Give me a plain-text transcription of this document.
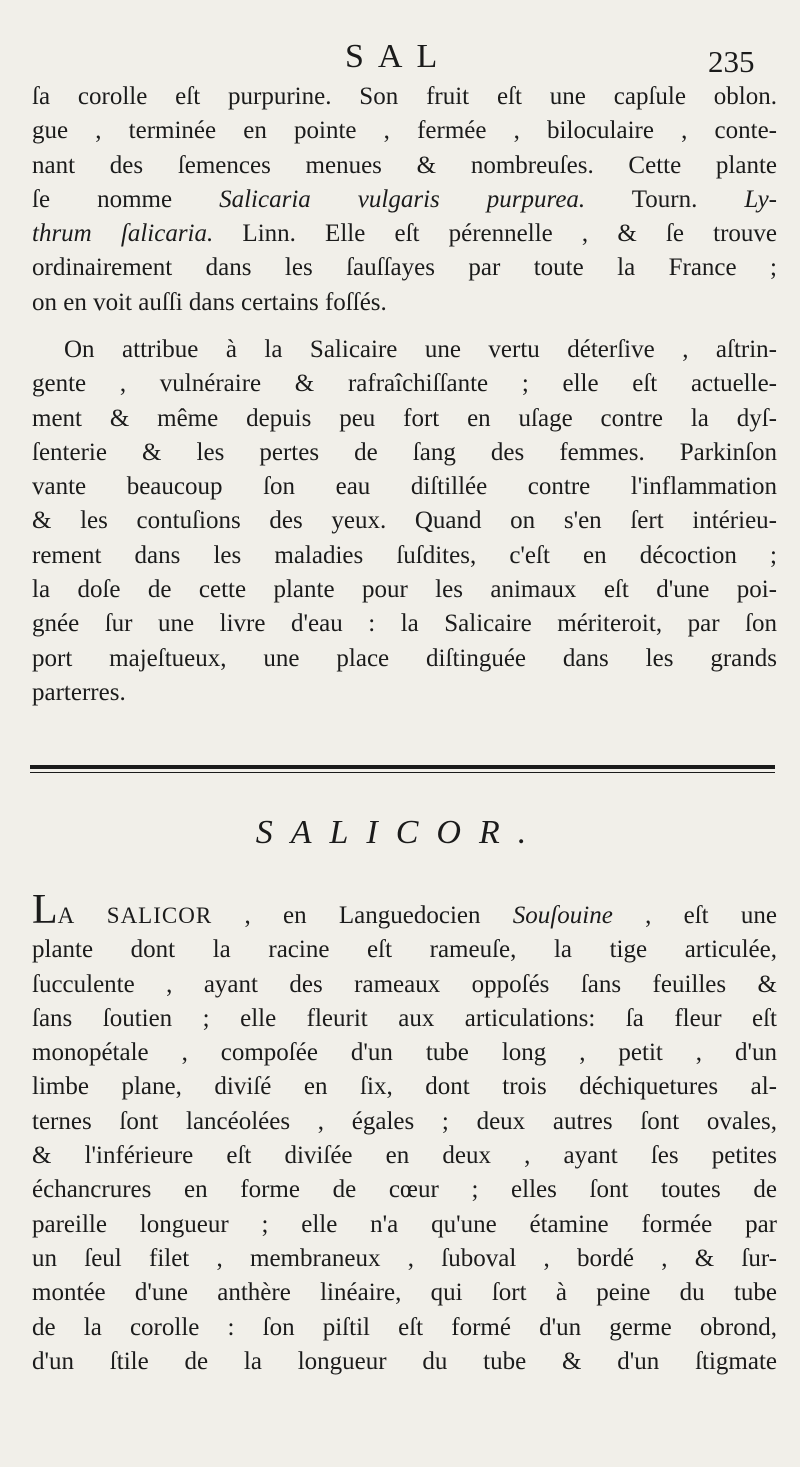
SAL	235
ſa corolle eſt purpurine. Son fruit eſt une capſule oblon.
gue , terminée en pointe , fermée , biloculaire , conte-
nant des ſemences menues & nombreuſes. Cette plante
ſe nomme Salicaria vulgaris purpurea. Tourn. Ly-
thrum ſalicaria. Linn. Elle eſt pérennelle , & ſe trouve
ordinairement dans les ſauſſayes par toute la France ;
on en voit auſſi dans certains foſſés.
On attribue à la Salicaire une vertu déterſive , aſtrin-
gente , vulnéraire & rafraîchiſſante ; elle eſt actuelle-
ment & même depuis peu fort en uſage contre la dyſ-
ſenterie & les pertes de ſang des femmes. Parkinſon
vante beaucoup ſon eau diſtillée contre l'inflammation
& les contuſions des yeux. Quand on s'en ſert intérieu-
rement dans les maladies ſuſdites, c'eſt en décoction ;
la doſe de cette plante pour les animaux eſt d'une poi-
gnée ſur une livre d'eau : la Salicaire mériteroit, par ſon
port majeſtueux, une place diſtinguée dans les grands
parterres.
SALICOR.
LA SALICOR , en Languedocien Souſouine , eſt une
plante dont la racine eſt rameuſe, la tige articulée,
ſucculente , ayant des rameaux oppoſés ſans feuilles &
ſans ſoutien ; elle fleurit aux articulations: ſa fleur eſt
monopétale , compoſée d'un tube long , petit , d'un
limbe plane, diviſé en ſix, dont trois déchiquetures al-
ternes ſont lancéolées , égales ; deux autres ſont ovales,
& l'inférieure eſt diviſée en deux , ayant ſes petites
échancrures en forme de cœur ; elles ſont toutes de
pareille longueur ; elle n'a qu'une étamine formée par
un ſeul filet , membraneux , ſuboval , bordé , & ſur-
montée d'une anthère linéaire, qui ſort à peine du tube
de la corolle : ſon piſtil eſt formé d'un germe obrond,
d'un ſtile de la longueur du tube & d'un ſtigmate
